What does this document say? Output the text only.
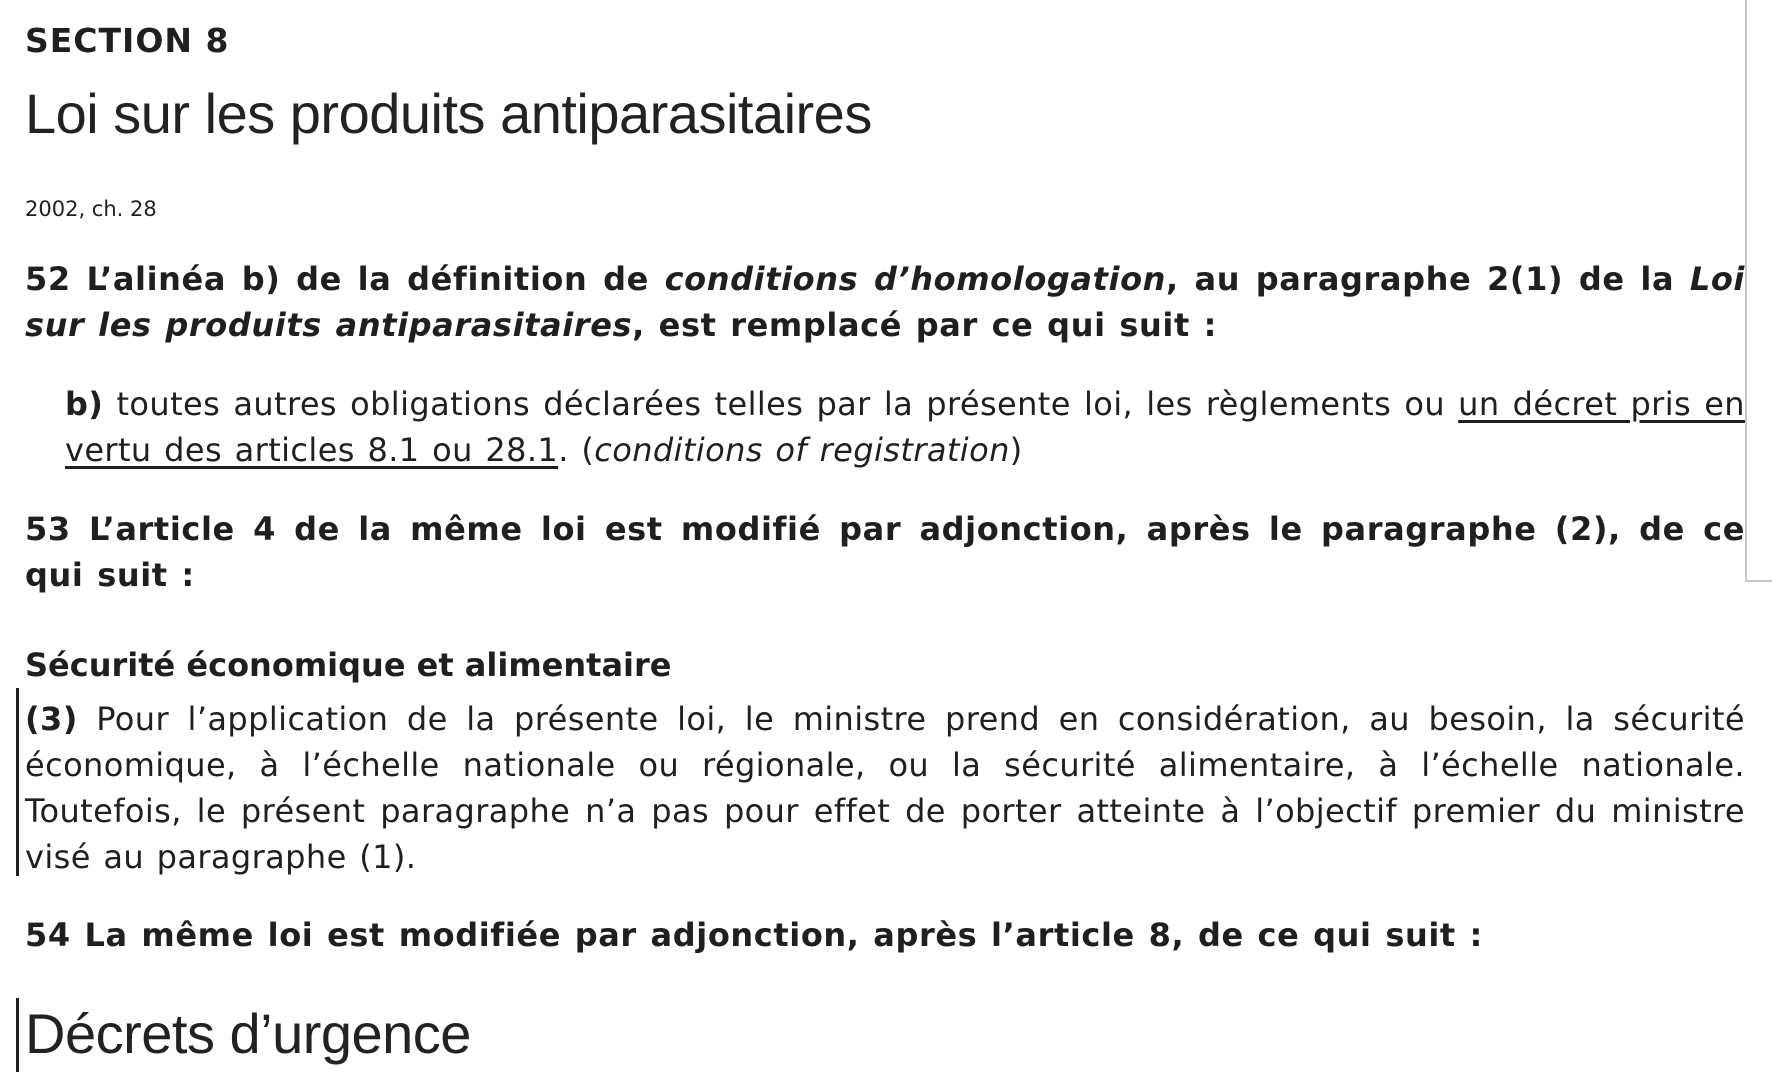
SECTION 8
Loi sur les produits antiparasitaires
2002, ch. 28
52 L’alinéa b) de la définition de conditions d’homologation, au paragraphe 2(1) de la Loi sur les produits antiparasitaires, est remplacé par ce qui suit :
b) toutes autres obligations déclarées telles par la présente loi, les règlements ou un décret pris en vertu des articles 8.1 ou 28.1. (conditions of registration)
53 L’article 4 de la même loi est modifié par adjonction, après le paragraphe (2), de ce qui suit :
Sécurité économique et alimentaire
(3) Pour l’application de la présente loi, le ministre prend en considération, au besoin, la sécurité économique, à l’échelle nationale ou régionale, ou la sécurité alimentaire, à l’échelle nationale. Toutefois, le présent paragraphe n’a pas pour effet de porter atteinte à l’objectif premier du ministre visé au paragraphe (1).
54 La même loi est modifiée par adjonction, après l’article 8, de ce qui suit :
Décrets d’urgence
